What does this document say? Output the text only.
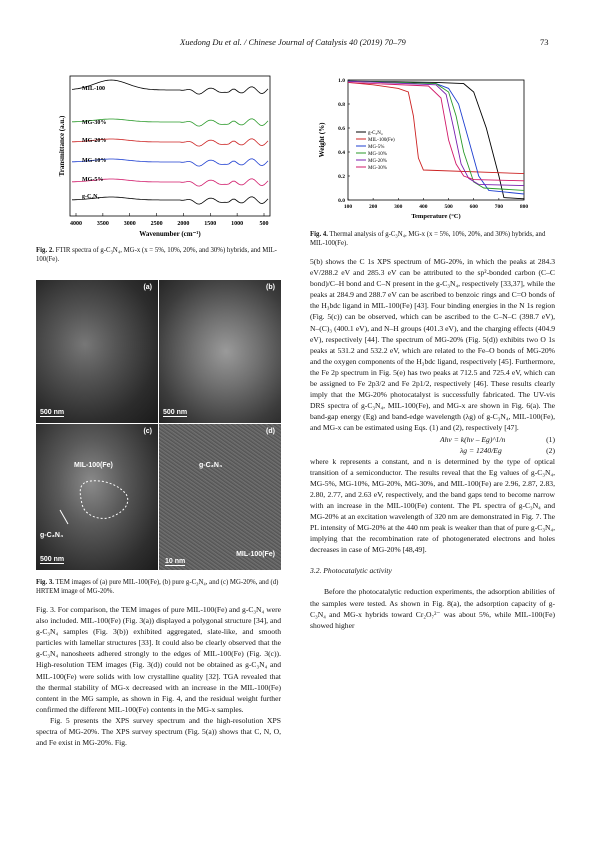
Xuedong Du et al. / Chinese Journal of Catalysis 40 (2019) 70–79	73
Transmittance (a.u.)
4000 3500 3000 2500 2000 1500 1000	500
Wavenumber (cm⁻¹)
MIL-100
MG-30%
MG-20%
MG-10%
MG-5%
g-C₃N₄
Fig. 2. FTIR spectra of g-C₃N₄, MG-x (x = 5%, 10%, 20%, and 30%) hybrids, and MIL-100(Fe).
Weight (%)
Temperature (°C)
100	200	300	400	500	600	700	800
0.0
0.2
0.4
0.6
0.8
1.0
g-C₃N₄
MIL-100(Fe)
MG-5%
MG-10%
MG-20%
MG-30%
Fig. 4. Thermal analysis of g-C₃N₄, MG-x (x = 5%, 10%, 20%, and 30%) hybrids, and MIL-100(Fe).
(a)
500 nm
(b)
500 nm
(c)
MIL-100(Fe)
g-C₃N₄
500 nm
(d)
g-C₃N₄
MIL-100(Fe)
10 nm
Fig. 3. TEM images of (a) pure MIL-100(Fe), (b) pure g-C₃N₄, and (c) MG-20%, and (d) HRTEM image of MG-20%.
Fig. 3. For comparison, the TEM images of pure MIL-100(Fe) and g-C₃N₄ were also included. MIL-100(Fe) (Fig. 3(a)) displayed a polygonal structure [34], and g-C₃N₄ samples (Fig. 3(b)) exhibited aggregated, slate-like, and smooth particles with lamellar structures [33]. It could also be clearly observed that the g-C₃N₄ nanosheets adhered strongly to the edges of MIL-100(Fe) (Fig. 3(c)). High-resolution TEM images (Fig. 3(d)) could not be obtained as g-C₃N₄ and MIL-100(Fe) were solids with low crystalline quality [32]. TGA revealed that the thermal stability of MG-x decreased with an increase in the MIL-100(Fe) content in the MG sample, as shown in Fig. 4, and the residual weight further confirmed the different MIL-100(Fe) contents in the MG-x samples.
Fig. 5 presents the XPS survey spectrum and the high-resolution XPS spectra of MG-20%. The XPS survey spectrum (Fig. 5(a)) shows that C, N, O, and Fe exist in MG-20%. Fig.
5(b) shows the C 1s XPS spectrum of MG-20%, in which the peaks at 284.3 eV/288.2 eV and 285.3 eV can be attributed to the sp²-bonded carbon (C–C bond)/C–H bond and C–N present in the g-C₃N₄, respectively [33,37], while the peaks at 284.9 and 288.7 eV can be ascribed to benzoic rings and C=O bonds of the H₃bdc ligand in MIL-100(Fe) [43]. Four binding energies in the N 1s region (Fig. 5(c)) can be observed, which can be ascribed to the C–N–C (398.7 eV), N–(C)₃ (400.1 eV), and N–H groups (401.3 eV), and the charging effects (404.9 eV), respectively [44]. The spectrum of MG-20% (Fig. 5(d)) exhibits two O 1s peaks at 531.2 and 532.2 eV, which are related to the Fe–O bonds of MG-20% and the oxygen components of the H₃bdc ligand, respectively [45]. Furthermore, the Fe 2p spectrum in Fig. 5(e) has two peaks at 712.5 and 725.4 eV, which can be assigned to Fe 2p3/2 and Fe 2p1/2, respectively [46]. These results clearly imply that the MG-20% photocatalyst is successfully fabricated. The UV-vis DRS spectra of g-C₃N₄, MIL-100(Fe), and MG-x are shown in Fig. 6(a). The band-gap energy (Eg) and band-edge wavelength (λg) of g-C₃N₄, MIL-100(Fe), and MG-x can be estimated using Eqs. (1) and (2), respectively [47].
Ahv = k(hv – Eg)^1/n	(1)
λg = 1240/Eg	(2)
where k represents a constant, and n is determined by the type of optical transition of a semiconductor. The results reveal that the Eg values of g-C₃N₄, MG-5%, MG-10%, MG-20%, MG-30%, and MIL-100(Fe) are 2.96, 2.87, 2.83, 2.80, 2.77, and 2.63 eV, respectively, and the band gaps tend to become narrow with an increase in the MIL-100(Fe) content. The PL spectra of g-C₃N₄ and MG-20% at an excitation wavelength of 320 nm are demonstrated in Fig. 7. The PL intensity of MG-20% at the 440 nm peak is weaker than that of pure g-C₃N₄, implying that the recombination rate of photogenerated electrons and holes decreases in case of MG-20% [48,49].
3.2. Photocatalytic activity
Before the photocatalytic reduction experiments, the adsorption abilities of the samples were tested. As shown in Fig. 8(a), the adsorption capacity of g-C₃N₄ and MG-x hybrids toward Cr₂O₇²⁻ was about 5%, while MIL-100(Fe) showed higher
